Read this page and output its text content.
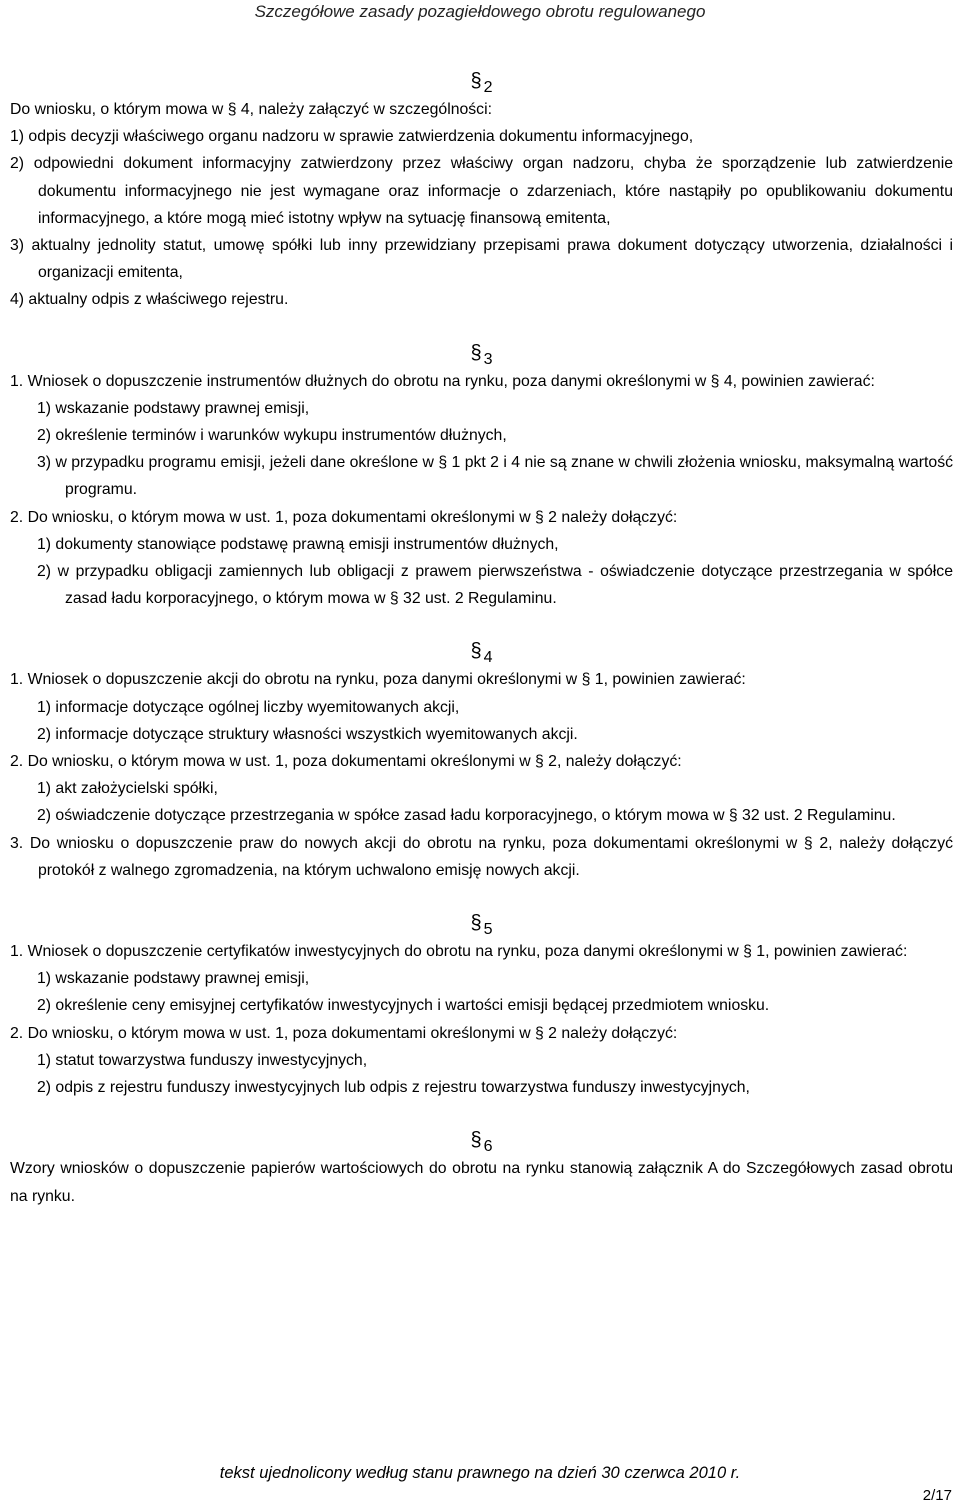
Szczegółowe zasady pozagiełdowego obrotu regulowanego
§ 2

Do wniosku, o którym mowa w § 4, należy załączyć w szczególności:

1) odpis decyzji właściwego organu nadzoru w sprawie zatwierdzenia dokumentu informacyjnego,

2) odpowiedni dokument informacyjny zatwierdzony przez właściwy organ nadzoru, chyba że sporządzenie lub zatwierdzenie dokumentu informacyjnego nie jest wymagane oraz informacje o zdarzeniach, które nastąpiły po opublikowaniu dokumentu informacyjnego, a które mogą mieć istotny wpływ na sytuację finansową emitenta,

3) aktualny jednolity statut, umowę spółki lub inny przewidziany przepisami prawa dokument dotyczący utworzenia, działalności i organizacji emitenta,

4) aktualny odpis z właściwego rejestru.

§ 3

1. Wniosek o dopuszczenie instrumentów dłużnych do obrotu na rynku, poza danymi określonymi w § 4, powinien zawierać:

1) wskazanie podstawy prawnej emisji,

2) określenie terminów i warunków wykupu instrumentów dłużnych,

3) w przypadku programu emisji, jeżeli dane określone w § 1 pkt 2 i 4 nie są znane w chwili złożenia wniosku, maksymalną wartość programu.

2. Do wniosku, o którym mowa w ust. 1, poza dokumentami określonymi w § 2 należy dołączyć:

1) dokumenty stanowiące podstawę prawną emisji instrumentów dłużnych,

2) w przypadku obligacji zamiennych lub obligacji z prawem pierwszeństwa - oświadczenie dotyczące przestrzegania w spółce zasad ładu korporacyjnego, o którym mowa w § 32 ust. 2 Regulaminu.

§ 4

1. Wniosek o dopuszczenie akcji do obrotu na rynku, poza danymi określonymi w § 1, powinien zawierać:

1) informacje dotyczące ogólnej liczby wyemitowanych akcji,

2) informacje dotyczące struktury własności wszystkich wyemitowanych akcji.

2. Do wniosku, o którym mowa w ust. 1, poza dokumentami określonymi w § 2, należy dołączyć:

1) akt założycielski spółki,

2) oświadczenie dotyczące przestrzegania w spółce zasad ładu korporacyjnego, o którym mowa w § 32 ust. 2 Regulaminu.

3. Do wniosku o dopuszczenie praw do nowych akcji do obrotu na rynku, poza dokumentami określonymi w § 2, należy dołączyć protokół z walnego zgromadzenia, na którym uchwalono emisję nowych akcji.

§ 5

1. Wniosek o dopuszczenie certyfikatów inwestycyjnych do obrotu na rynku, poza danymi określonymi w § 1, powinien zawierać:

1) wskazanie podstawy prawnej emisji,

2) określenie ceny emisyjnej certyfikatów inwestycyjnych i wartości emisji będącej przedmiotem wniosku.

2. Do wniosku, o którym mowa w ust. 1, poza dokumentami określonymi w § 2 należy dołączyć:

1) statut towarzystwa funduszy inwestycyjnych,

2) odpis z rejestru funduszy inwestycyjnych lub odpis z rejestru towarzystwa funduszy inwestycyjnych,

§ 6

Wzory wniosków o dopuszczenie papierów wartościowych do obrotu na rynku stanowią załącznik A do Szczegółowych zasad obrotu na rynku.

tekst ujednolicony według stanu prawnego na dzień 30 czerwca 2010 r.
2/17
